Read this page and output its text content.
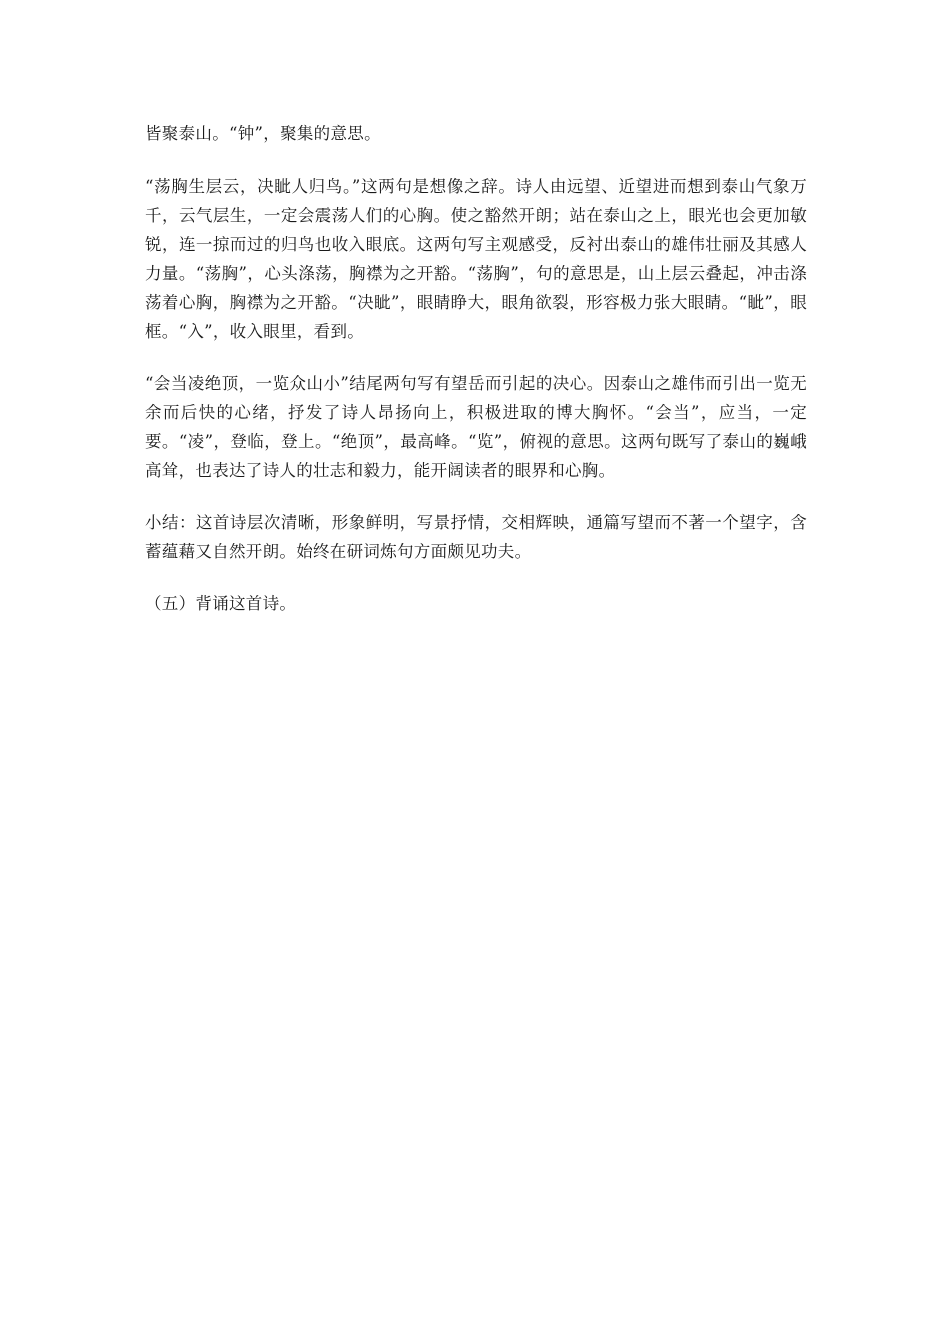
皆聚泰山。“钟”，聚集的意思。

“荡胸生层云，决眦人归鸟。”这两句是想像之辞。诗人由远望、近望进而想到泰山气象万千，云气层生，一定会震荡人们的心胸。使之豁然开朗；站在泰山之上，眼光也会更加敏锐，连一掠而过的归鸟也收入眼底。这两句写主观感受，反衬出泰山的雄伟壮丽及其感人力量。“荡胸”，心头涤荡，胸襟为之开豁。“荡胸”，句的意思是，山上层云叠起，冲击涤荡着心胸，胸襟为之开豁。“决眦”，眼睛睁大，眼角欲裂，形容极力张大眼睛。“眦”，眼框。“入”，收入眼里，看到。

“会当凌绝顶，一览众山小”结尾两句写有望岳而引起的决心。因泰山之雄伟而引出一览无余而后快的心绪，抒发了诗人昂扬向上，积极进取的博大胸怀。“会当”，应当，一定要。“凌”，登临，登上。“绝顶”，最高峰。“览”，俯视的意思。这两句既写了泰山的巍峨高耸，也表达了诗人的壮志和毅力，能开阔读者的眼界和心胸。

小结：这首诗层次清晰，形象鲜明，写景抒情，交相辉映，通篇写望而不著一个望字，含蓄蕴藉又自然开朗。始终在研词炼句方面颇见功夫。

（五）背诵这首诗。
